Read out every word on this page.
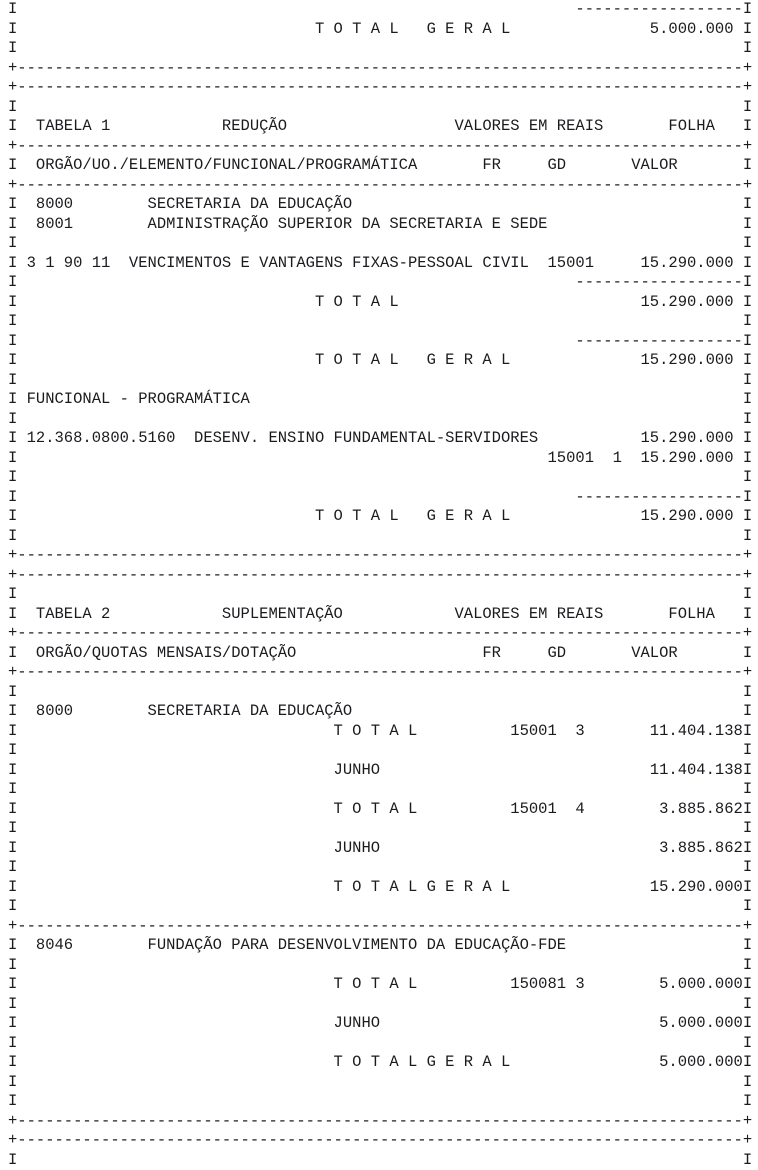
I                                                            ------------------I
I                                T O T A L   G E R A L               5.000.000 I
I                                                                              I
+------------------------------------------------------------------------------+
+------------------------------------------------------------------------------+
I                                                                              I
I  TABELA 1            REDUÇÃO                  VALORES EM REAIS       FOLHA   I
+------------------------------------------------------------------------------+
I  ORGÃO/UO./ELEMENTO/FUNCIONAL/PROGRAMÁTICA       FR     GD       VALOR       I
+------------------------------------------------------------------------------+
I  8000        SECRETARIA DA EDUCAÇÃO                                          I
I  8001        ADMINISTRAÇÃO SUPERIOR DA SECRETARIA E SEDE                     I
I                                                                              I
I 3 1 90 11  VENCIMENTOS E VANTAGENS FIXAS-PESSOAL CIVIL  15001     15.290.000 I
I                                                            ------------------I
I                                T O T A L                          15.290.000 I
I                                                                              I
I                                                            ------------------I
I                                T O T A L   G E R A L              15.290.000 I
I                                                                              I
I FUNCIONAL - PROGRAMÁTICA                                                     I
I                                                                              I
I 12.368.0800.5160  DESENV. ENSINO FUNDAMENTAL-SERVIDORES           15.290.000 I
I                                                         15001  1  15.290.000 I
I                                                                              I
I                                                            ------------------I
I                                T O T A L   G E R A L              15.290.000 I
I                                                                              I
+------------------------------------------------------------------------------+
+------------------------------------------------------------------------------+
I                                                                              I
I  TABELA 2            SUPLEMENTAÇÃO            VALORES EM REAIS       FOLHA   I
+------------------------------------------------------------------------------+
I  ORGÃO/QUOTAS MENSAIS/DOTAÇÃO                    FR     GD       VALOR       I
+------------------------------------------------------------------------------+
I                                                                              I
I  8000        SECRETARIA DA EDUCAÇÃO                                          I
I                                  T O T A L          15001  3       11.404.138I
I                                                                              I
I                                  JUNHO                             11.404.138I
I                                                                              I
I                                  T O T A L          15001  4        3.885.862I
I                                                                              I
I                                  JUNHO                              3.885.862I
I                                                                              I
I                                  T O T A L G E R A L               15.290.000I
I                                                                              I
+------------------------------------------------------------------------------+
I  8046        FUNDAÇÃO PARA DESENVOLVIMENTO DA EDUCAÇÃO-FDE                   I
I                                                                              I
I                                  T O T A L          150081 3        5.000.000I
I                                                                              I
I                                  JUNHO                              5.000.000I
I                                                                              I
I                                  T O T A L G E R A L                5.000.000I
I                                                                              I
I                                                                              I
+------------------------------------------------------------------------------+
+------------------------------------------------------------------------------+
I                                                                              I
